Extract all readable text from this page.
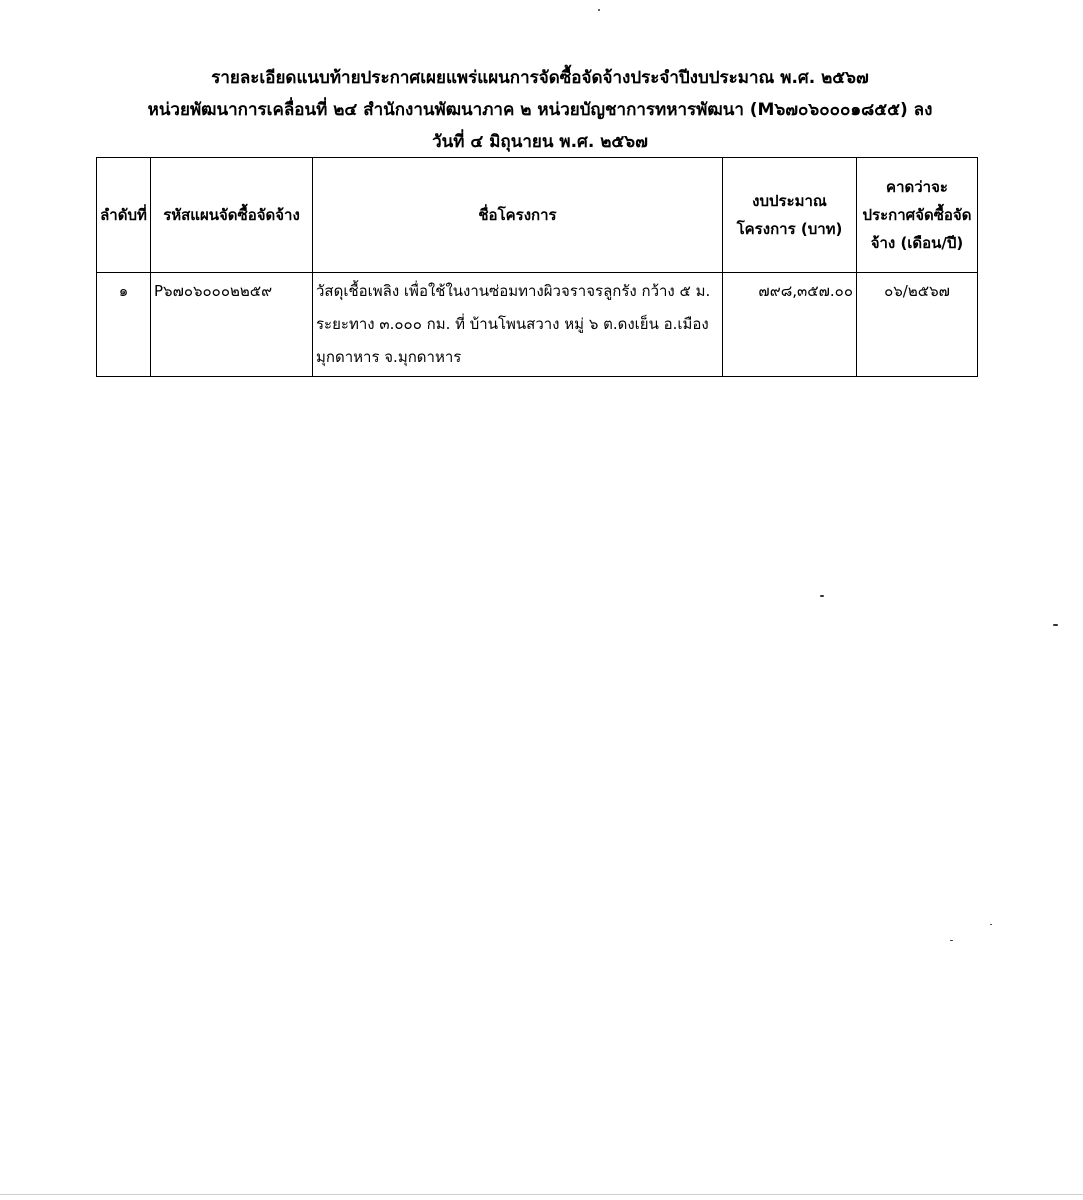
รายละเอียดแนบท้ายประกาศเผยแพร่แผนการจัดซื้อจัดจ้างประจำปีงบประมาณ พ.ศ. ๒๕๖๗
หน่วยพัฒนาการเคลื่อนที่ ๒๔ สำนักงานพัฒนาภาค ๒ หน่วยบัญชาการทหารพัฒนา (M๖๗๐๖๐๐๐๑๘๕๕) ลง
วันที่ ๔ มิถุนายน พ.ศ. ๒๕๖๗
ลำดับที่	รหัสแผนจัดซื้อจัดจ้าง	ชื่อโครงการ	งบประมาณโครงการ (บาท)	คาดว่าจะประกาศจัดซื้อจัดจ้าง (เดือน/ปี)
๑	P๖๗๐๖๐๐๐๒๒๕๙	วัสดุเชื้อเพลิง เพื่อใช้ในงานซ่อมทางผิวจราจรลูกรัง กว้าง ๕ ม. ระยะทาง ๓.๐๐๐ กม. ที่ บ้านโพนสวาง หมู่ ๖ ต.ดงเย็น อ.เมืองมุกดาหาร จ.มุกดาหาร	๗๙๘,๓๕๗.๐๐	๐๖/๒๕๖๗
